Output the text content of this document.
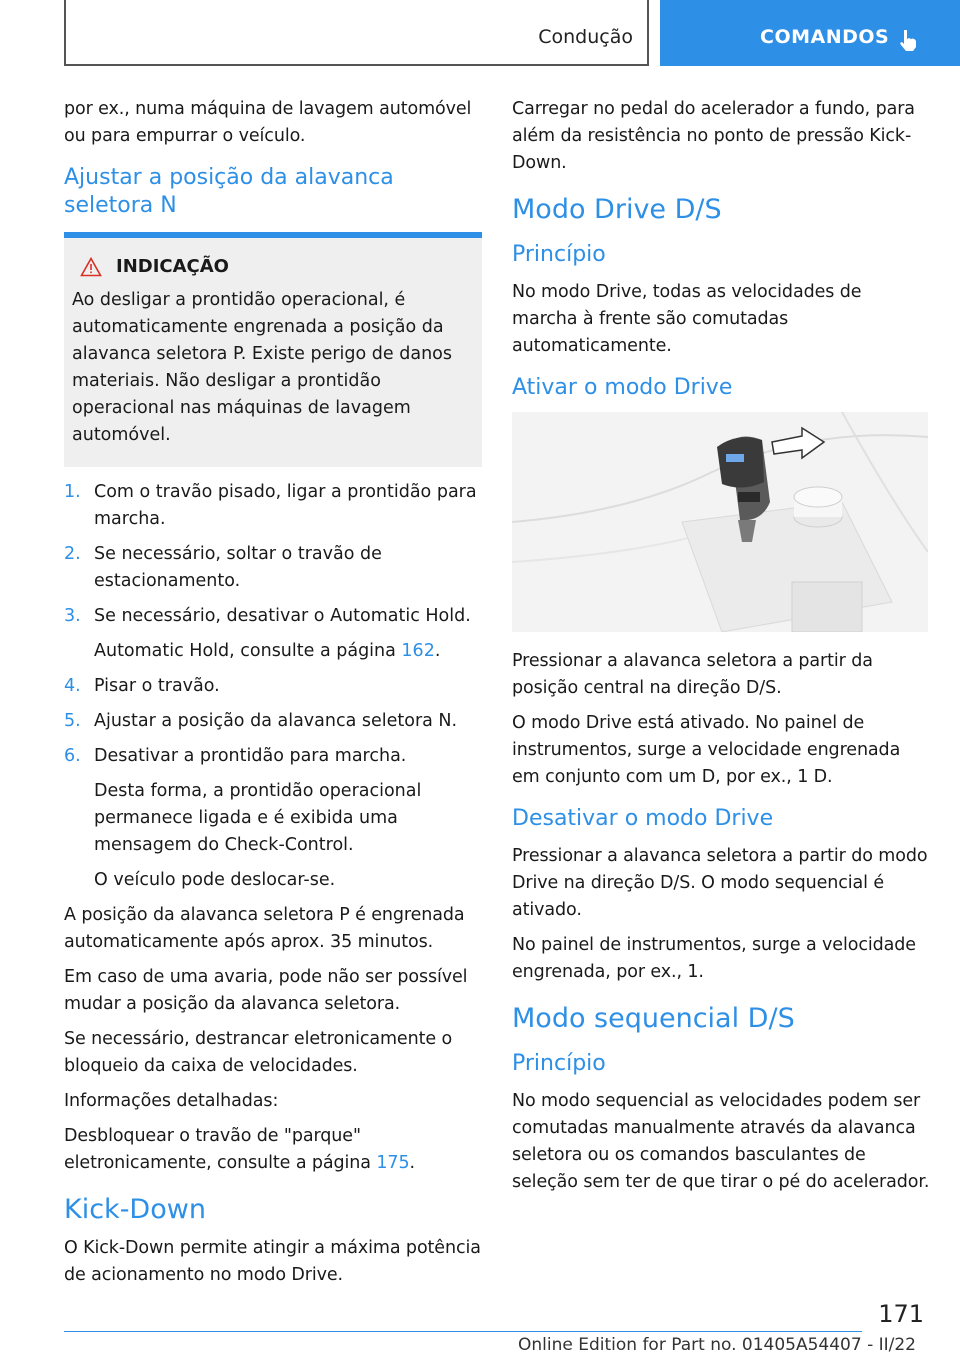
Condução	COMANDOS

por ex., numa máquina de lavagem automóvel ou para empurrar o veículo.

Ajustar a posição da alavanca seletora N
INDICAÇÃO

Ao desligar a prontidão operacional, é automaticamente engrenada a posição da alavanca seletora P. Existe perigo de danos materiais. Não desligar a prontidão operacional nas máquinas de lavagem automóvel.

1. Com o travão pisado, ligar a prontidão para marcha.
2. Se necessário, soltar o travão de estacionamento.
3. Se necessário, desativar o Automatic Hold.
Automatic Hold, consulte a página 162.
4. Pisar o travão.
5. Ajustar a posição da alavanca seletora N.
6. Desativar a prontidão para marcha.
Desta forma, a prontidão operacional permanece ligada e é exibida uma mensagem do Check-Control.
O veículo pode deslocar-se.

A posição da alavanca seletora P é engrenada automaticamente após aprox. 35 minutos.

Em caso de uma avaria, pode não ser possível mudar a posição da alavanca seletora.

Se necessário, destrancar eletronicamente o bloqueio da caixa de velocidades.

Informações detalhadas:

Desbloquear o travão de "parque" eletronicamente, consulte a página 175.

Kick-Down

O Kick-Down permite atingir a máxima potência de acionamento no modo Drive.

Carregar no pedal do acelerador a fundo, para além da resistência no ponto de pressão Kick-Down.

Modo Drive D/S
Princípio

No modo Drive, todas as velocidades de marcha à frente são comutadas automaticamente.

Ativar o modo Drive

Pressionar a alavanca seletora a partir da posição central na direção D/S.

O modo Drive está ativado. No painel de instrumentos, surge a velocidade engrenada em conjunto com um D, por ex., 1 D.

Desativar o modo Drive

Pressionar a alavanca seletora a partir do modo Drive na direção D/S. O modo sequencial é ativado.

No painel de instrumentos, surge a velocidade engrenada, por ex., 1.

Modo sequencial D/S
Princípio

No modo sequencial as velocidades podem ser comutadas manualmente através da alavanca seletora ou os comandos basculantes de seleção sem ter de que tirar o pé do acelerador.

171
Online Edition for Part no. 01405A54407 - II/22
